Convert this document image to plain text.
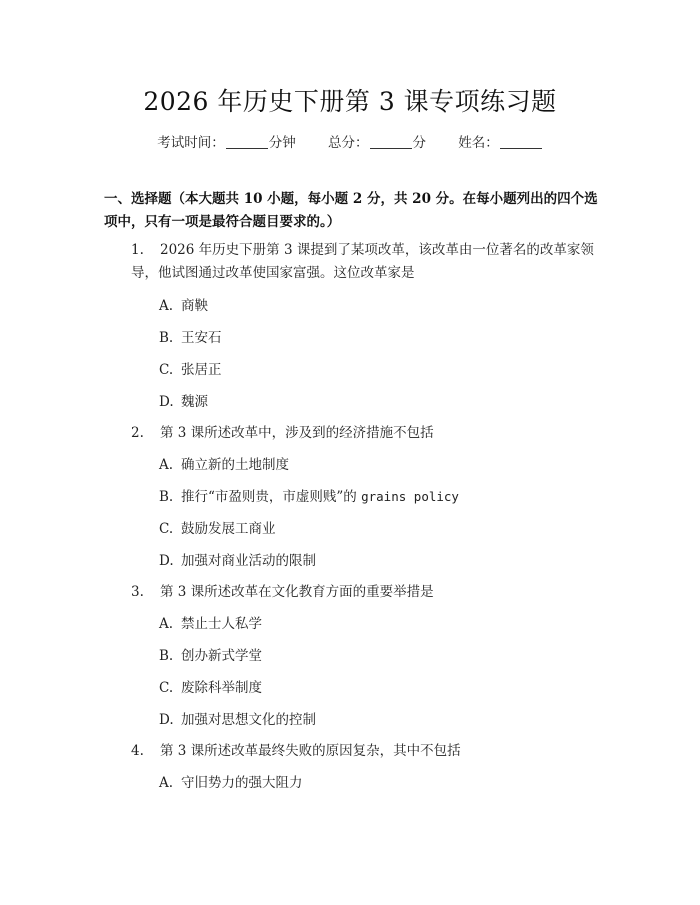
2026 年历史下册第 3 课专项练习题
考试时间：	分钟 总分：	分 姓名：
一、选择题（本大题共 10 小题，每小题 2 分，共 20 分。在每小题列出的四个选项中，只有一项是最符合题目要求的。）
1. 2026 年历史下册第 3 课提到了某项改革，该改革由一位著名的改革家领导，他试图通过改革使国家富强。这位改革家是
A. 商鞅
B. 王安石
C. 张居正
D. 魏源
2. 第 3 课所述改革中，涉及到的经济措施不包括
A. 确立新的土地制度
B. 推行“市盈则贵，市虚则贱”的 grains policy
C. 鼓励发展工商业
D. 加强对商业活动的限制
3. 第 3 课所述改革在文化教育方面的重要举措是
A. 禁止士人私学
B. 创办新式学堂
C. 废除科举制度
D. 加强对思想文化的控制
4. 第 3 课所述改革最终失败的原因复杂，其中不包括
A. 守旧势力的强大阻力
